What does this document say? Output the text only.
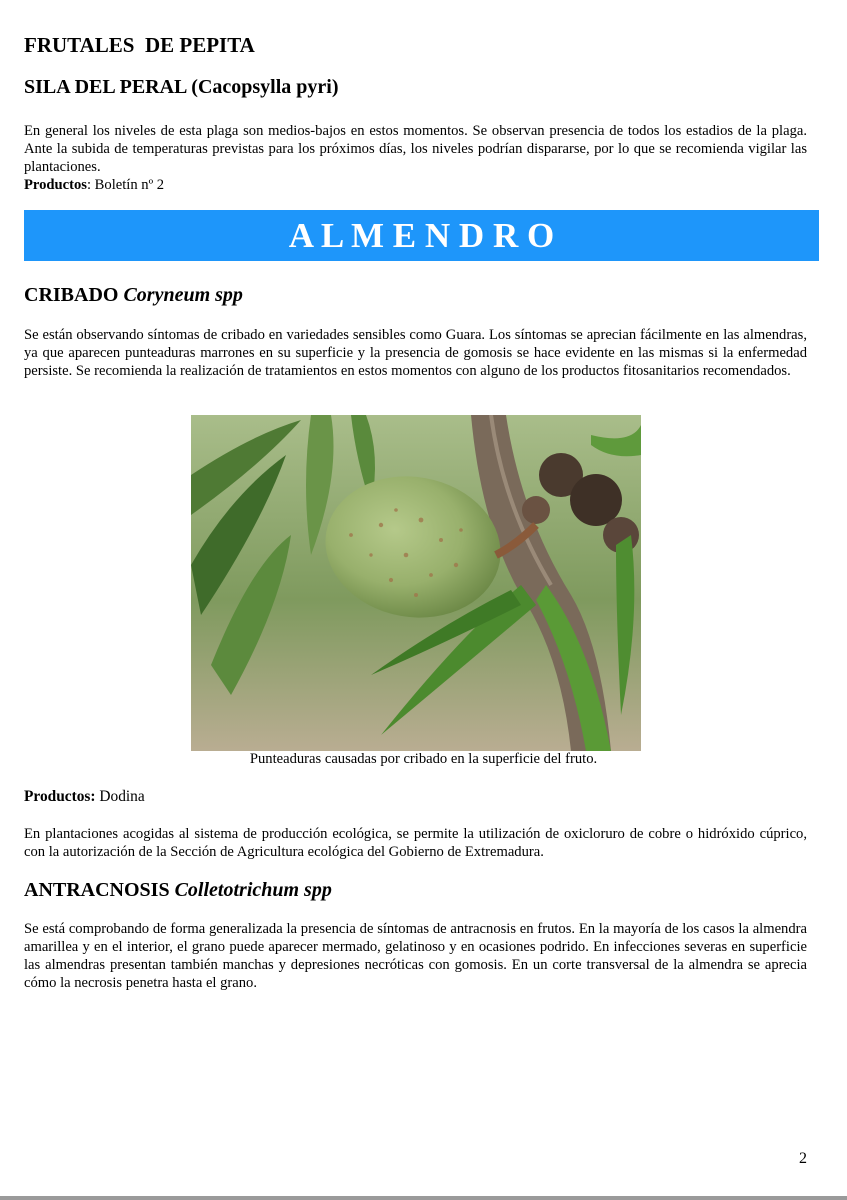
FRUTALES  DE PEPITA
SILA DEL PERAL (Cacopsylla pyri)

En general los niveles de esta plaga son medios-bajos en estos momentos. Se observan presencia de todos los estadios de la plaga. Ante la subida de temperaturas previstas para los próximos días, los niveles podrían dispararse, por lo que se recomienda vigilar las plantaciones.

Productos: Boletín nº 2

A L M E N D R O
CRIBADO Coryneum spp

Se están observando síntomas de cribado en variedades sensibles como Guara. Los síntomas se aprecian fácilmente en las almendras, ya que aparecen punteaduras marrones en su superficie y la presencia de gomosis se hace evidente en las mismas si la enfermedad persiste. Se recomienda la realización de tratamientos en estos momentos con alguno de los productos fitosanitarios recomendados.

Punteaduras causadas por cribado en la superficie del fruto.

Productos: Dodina

En plantaciones acogidas al sistema de producción ecológica, se permite la utilización de oxicloruro de cobre o hidróxido cúprico, con la autorización de la Sección de Agricultura ecológica del Gobierno de Extremadura.

ANTRACNOSIS Colletotrichum spp

Se está comprobando de forma generalizada la presencia de síntomas de antracnosis en frutos. En la mayoría de los casos la almendra amarillea y en el interior, el grano puede aparecer mermado, gelatinoso y en ocasiones podrido. En infecciones severas en superficie las almendras presentan también manchas y depresiones necróticas con gomosis. En un corte transversal de la almendra se aprecia cómo la necrosis penetra hasta el grano.

2
